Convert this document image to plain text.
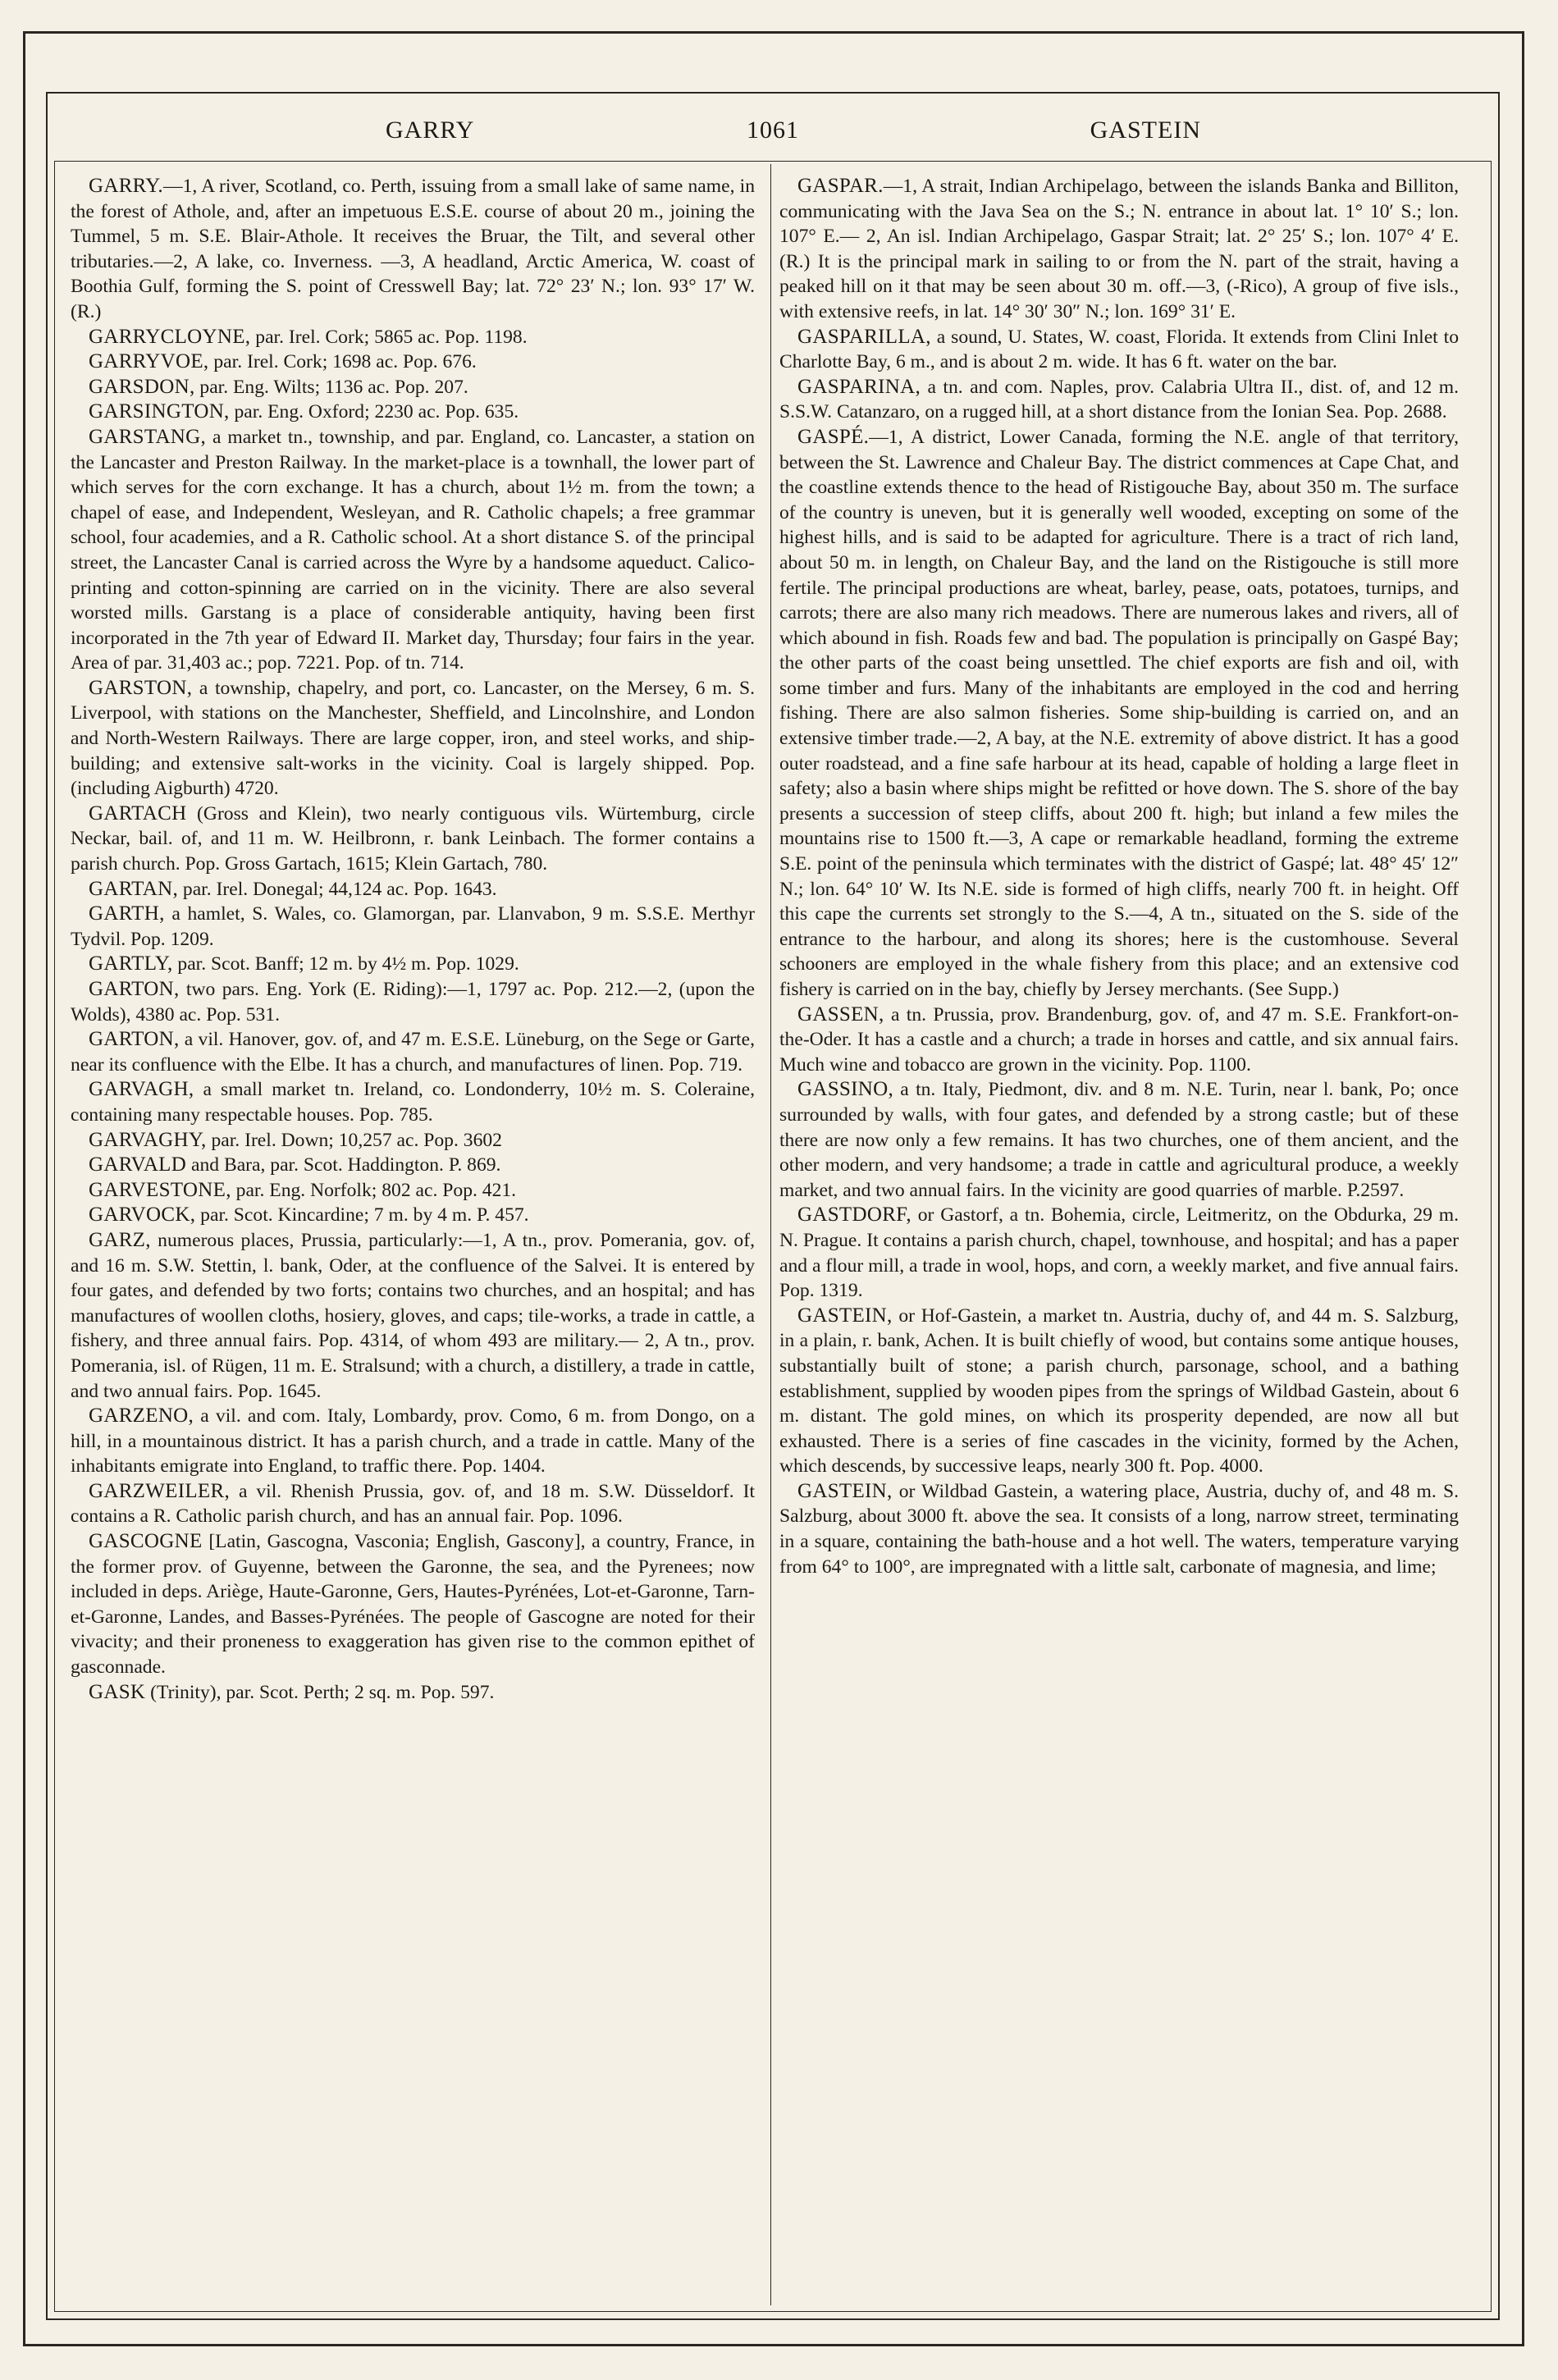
GARRY	1061	GASTEIN

GARRY.—1, A river, Scotland, co. Perth, issuing from a small lake of same name, in the forest of Athole, and, after an impetuous E.S.E. course of about 20 m., joining the Tummel, 5 m. S.E. Blair-Athole. It receives the Bruar, the Tilt, and several other tributaries.—2, A lake, co. Inverness. —3, A headland, Arctic America, W. coast of Boothia Gulf, forming the S. point of Cresswell Bay; lat. 72° 23′ N.; lon. 93° 17′ W. (R.)

GARRYCLOYNE, par. Irel. Cork; 5865 ac. Pop. 1198.

GARRYVOE, par. Irel. Cork; 1698 ac. Pop. 676.

GARSDON, par. Eng. Wilts; 1136 ac. Pop. 207.

GARSINGTON, par. Eng. Oxford; 2230 ac. Pop. 635.

GARSTANG, a market tn., township, and par. England, co. Lancaster, a station on the Lancaster and Preston Railway. In the market-place is a townhall, the lower part of which serves for the corn exchange. It has a church, about 1½ m. from the town; a chapel of ease, and Independent, Wesleyan, and R. Catholic chapels; a free grammar school, four academies, and a R. Catholic school. At a short distance S. of the principal street, the Lancaster Canal is carried across the Wyre by a handsome aqueduct. Calico-printing and cotton-spinning are carried on in the vicinity. There are also several worsted mills. Garstang is a place of considerable antiquity, having been first incorporated in the 7th year of Edward II. Market day, Thursday; four fairs in the year. Area of par. 31,403 ac.; pop. 7221. Pop. of tn. 714.

GARSTON, a township, chapelry, and port, co. Lancaster, on the Mersey, 6 m. S. Liverpool, with stations on the Manchester, Sheffield, and Lincolnshire, and London and North-Western Railways. There are large copper, iron, and steel works, and ship-building; and extensive salt-works in the vicinity. Coal is largely shipped. Pop. (including Aigburth) 4720.

GARTACH (Gross and Klein), two nearly contiguous vils. Würtemburg, circle Neckar, bail. of, and 11 m. W. Heilbronn, r. bank Leinbach. The former contains a parish church. Pop. Gross Gartach, 1615; Klein Gartach, 780.

GARTAN, par. Irel. Donegal; 44,124 ac. Pop. 1643.

GARTH, a hamlet, S. Wales, co. Glamorgan, par. Llanvabon, 9 m. S.S.E. Merthyr Tydvil. Pop. 1209.

GARTLY, par. Scot. Banff; 12 m. by 4½ m. Pop. 1029.

GARTON, two pars. Eng. York (E. Riding):—1, 1797 ac. Pop. 212.—2, (upon the Wolds), 4380 ac. Pop. 531.

GARTON, a vil. Hanover, gov. of, and 47 m. E.S.E. Lüneburg, on the Sege or Garte, near its confluence with the Elbe. It has a church, and manufactures of linen. Pop. 719.

GARVAGH, a small market tn. Ireland, co. Londonderry, 10½ m. S. Coleraine, containing many respectable houses. Pop. 785.

GARVAGHY, par. Irel. Down; 10,257 ac. Pop. 3602

GARVALD and Bara, par. Scot. Haddington. P. 869.

GARVESTONE, par. Eng. Norfolk; 802 ac. Pop. 421.

GARVOCK, par. Scot. Kincardine; 7 m. by 4 m. P. 457.

GARZ, numerous places, Prussia, particularly:—1, A tn., prov. Pomerania, gov. of, and 16 m. S.W. Stettin, l. bank, Oder, at the confluence of the Salvei. It is entered by four gates, and defended by two forts; contains two churches, and an hospital; and has manufactures of woollen cloths, hosiery, gloves, and caps; tile-works, a trade in cattle, a fishery, and three annual fairs. Pop. 4314, of whom 493 are military.— 2, A tn., prov. Pomerania, isl. of Rügen, 11 m. E. Stralsund; with a church, a distillery, a trade in cattle, and two annual fairs. Pop. 1645.

GARZENO, a vil. and com. Italy, Lombardy, prov. Como, 6 m. from Dongo, on a hill, in a mountainous district. It has a parish church, and a trade in cattle. Many of the inhabitants emigrate into England, to traffic there. Pop. 1404.

GARZWEILER, a vil. Rhenish Prussia, gov. of, and 18 m. S.W. Düsseldorf. It contains a R. Catholic parish church, and has an annual fair. Pop. 1096.

GASCOGNE [Latin, Gascogna, Vasconia; English, Gascony], a country, France, in the former prov. of Guyenne, between the Garonne, the sea, and the Pyrenees; now included in deps. Ariège, Haute-Garonne, Gers, Hautes-Pyrénées, Lot-et-Garonne, Tarn-et-Garonne, Landes, and Basses-Pyrénées. The people of Gascogne are noted for their vivacity; and their proneness to exaggeration has given rise to the common epithet of gasconnade.

GASK (Trinity), par. Scot. Perth; 2 sq. m. Pop. 597.

GASPAR.—1, A strait, Indian Archipelago, between the islands Banka and Billiton, communicating with the Java Sea on the S.; N. entrance in about lat. 1° 10′ S.; lon. 107° E.— 2, An isl. Indian Archipelago, Gaspar Strait; lat. 2° 25′ S.; lon. 107° 4′ E. (R.) It is the principal mark in sailing to or from the N. part of the strait, having a peaked hill on it that may be seen about 30 m. off.—3, (-Rico), A group of five isls., with extensive reefs, in lat. 14° 30′ 30″ N.; lon. 169° 31′ E.

GASPARILLA, a sound, U. States, W. coast, Florida. It extends from Clini Inlet to Charlotte Bay, 6 m., and is about 2 m. wide. It has 6 ft. water on the bar.

GASPARINA, a tn. and com. Naples, prov. Calabria Ultra II., dist. of, and 12 m. S.S.W. Catanzaro, on a rugged hill, at a short distance from the Ionian Sea. Pop. 2688.

GASPÉ.—1, A district, Lower Canada, forming the N.E. angle of that territory, between the St. Lawrence and Chaleur Bay. The district commences at Cape Chat, and the coastline extends thence to the head of Ristigouche Bay, about 350 m. The surface of the country is uneven, but it is generally well wooded, excepting on some of the highest hills, and is said to be adapted for agriculture. There is a tract of rich land, about 50 m. in length, on Chaleur Bay, and the land on the Ristigouche is still more fertile. The principal productions are wheat, barley, pease, oats, potatoes, turnips, and carrots; there are also many rich meadows. There are numerous lakes and rivers, all of which abound in fish. Roads few and bad. The population is principally on Gaspé Bay; the other parts of the coast being unsettled. The chief exports are fish and oil, with some timber and furs. Many of the inhabitants are employed in the cod and herring fishing. There are also salmon fisheries. Some ship-building is carried on, and an extensive timber trade.—2, A bay, at the N.E. extremity of above district. It has a good outer roadstead, and a fine safe harbour at its head, capable of holding a large fleet in safety; also a basin where ships might be refitted or hove down. The S. shore of the bay presents a succession of steep cliffs, about 200 ft. high; but inland a few miles the mountains rise to 1500 ft.—3, A cape or remarkable headland, forming the extreme S.E. point of the peninsula which terminates with the district of Gaspé; lat. 48° 45′ 12″ N.; lon. 64° 10′ W. Its N.E. side is formed of high cliffs, nearly 700 ft. in height. Off this cape the currents set strongly to the S.—4, A tn., situated on the S. side of the entrance to the harbour, and along its shores; here is the customhouse. Several schooners are employed in the whale fishery from this place; and an extensive cod fishery is carried on in the bay, chiefly by Jersey merchants. (See Supp.)

GASSEN, a tn. Prussia, prov. Brandenburg, gov. of, and 47 m. S.E. Frankfort-on-the-Oder. It has a castle and a church; a trade in horses and cattle, and six annual fairs. Much wine and tobacco are grown in the vicinity. Pop. 1100.

GASSINO, a tn. Italy, Piedmont, div. and 8 m. N.E. Turin, near l. bank, Po; once surrounded by walls, with four gates, and defended by a strong castle; but of these there are now only a few remains. It has two churches, one of them ancient, and the other modern, and very handsome; a trade in cattle and agricultural produce, a weekly market, and two annual fairs. In the vicinity are good quarries of marble. P.2597.

GASTDORF, or Gastorf, a tn. Bohemia, circle, Leitmeritz, on the Obdurka, 29 m. N. Prague. It contains a parish church, chapel, townhouse, and hospital; and has a paper and a flour mill, a trade in wool, hops, and corn, a weekly market, and five annual fairs. Pop. 1319.

GASTEIN, or Hof-Gastein, a market tn. Austria, duchy of, and 44 m. S. Salzburg, in a plain, r. bank, Achen. It is built chiefly of wood, but contains some antique houses, substantially built of stone; a parish church, parsonage, school, and a bathing establishment, supplied by wooden pipes from the springs of Wildbad Gastein, about 6 m. distant. The gold mines, on which its prosperity depended, are now all but exhausted. There is a series of fine cascades in the vicinity, formed by the Achen, which descends, by successive leaps, nearly 300 ft. Pop. 4000.

GASTEIN, or Wildbad Gastein, a watering place, Austria, duchy of, and 48 m. S. Salzburg, about 3000 ft. above the sea. It consists of a long, narrow street, terminating in a square, containing the bath-house and a hot well. The waters, temperature varying from 64° to 100°, are impregnated with a little salt, carbonate of magnesia, and lime;
